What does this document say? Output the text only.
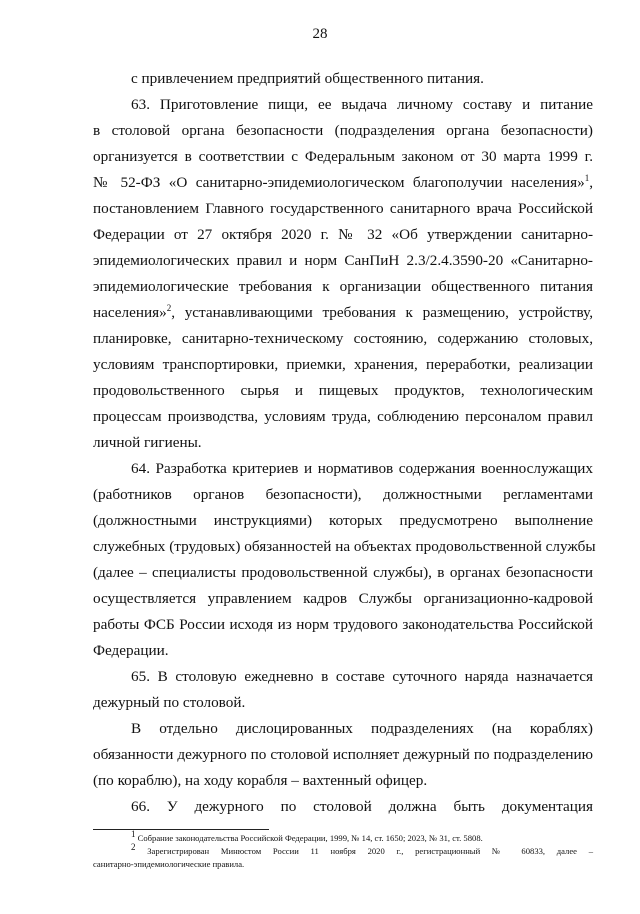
28
с привлечением предприятий общественного питания.
63. Приготовление пищи, ее выдача личному составу и питание
в столовой органа безопасности (подразделения органа безопасности)
организуется в соответствии с Федеральным законом от 30 марта 1999 г.
№ 52-ФЗ «О санитарно-эпидемиологическом благополучии населения»$^1$,
постановлением Главного государственного санитарного врача Российской
Федерации от 27 октября 2020 г. № 32 «Об утверждении санитарно-
эпидемиологических правил и норм СанПиН 2.3/2.4.3590-20 «Санитарно-
эпидемиологические требования к организации общественного питания
населения»$^2$, устанавливающими требования к размещению, устройству,
планировке, санитарно-техническому состоянию, содержанию столовых,
условиям транспортировки, приемки, хранения, переработки, реализации
продовольственного сырья и пищевых продуктов, технологическим
процессам производства, условиям труда, соблюдению персоналом правил
личной гигиены.
64. Разработка критериев и нормативов содержания военнослужащих
(работников органов безопасности), должностными регламентами
(должностными инструкциями) которых предусмотрено выполнение
служебных (трудовых) обязанностей на объектах продовольственной службы
(далее – специалисты продовольственной службы), в органах безопасности
осуществляется управлением кадров Службы организационно-кадровой
работы ФСБ России исходя из норм трудового законодательства Российской
Федерации.
65. В столовую ежедневно в составе суточного наряда назначается
дежурный по столовой.
В отдельно дислоцированных подразделениях (на кораблях)
обязанности дежурного по столовой исполняет дежурный по подразделению
(по кораблю), на ходу корабля – вахтенный офицер.
66. У дежурного по столовой должна быть документация
$^1$ Собрание законодательства Российской Федерации, 1999, № 14, ст. 1650; 2023, № 31, ст. 5808.
$^2$ Зарегистрирован Минюстом России 11 ноября 2020 г., регистрационный № 60833, далее –
санитарно-эпидемиологические правила.
